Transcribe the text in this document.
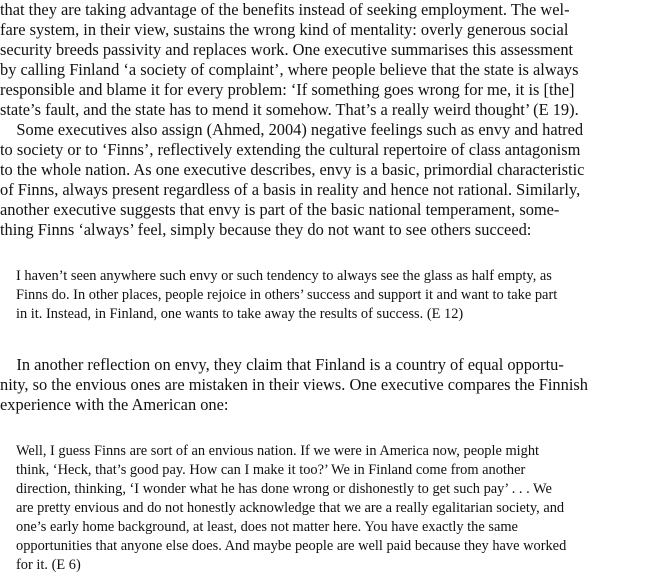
that they are taking advantage of the benefits instead of seeking employment. The wel-
fare system, in their view, sustains the wrong kind of mentality: overly generous social
security breeds passivity and replaces work. One executive summarises this assessment
by calling Finland ‘a society of complaint’, where people believe that the state is always
responsible and blame it for every problem: ‘If something goes wrong for me, it is [the]
state’s fault, and the state has to mend it somehow. That’s a really weird thought’ (E 19).
Some executives also assign (Ahmed, 2004) negative feelings such as envy and hatred
to society or to ‘Finns’, reflectively extending the cultural repertoire of class antagonism
to the whole nation. As one executive describes, envy is a basic, primordial characteristic
of Finns, always present regardless of a basis in reality and hence not rational. Similarly,
another executive suggests that envy is part of the basic national temperament, some-
thing Finns ‘always’ feel, simply because they do not want to see others succeed:
I haven’t seen anywhere such envy or such tendency to always see the glass as half empty, as
Finns do. In other places, people rejoice in others’ success and support it and want to take part
in it. Instead, in Finland, one wants to take away the results of success. (E 12)
In another reflection on envy, they claim that Finland is a country of equal opportu-
nity, so the envious ones are mistaken in their views. One executive compares the Finnish
experience with the American one:
Well, I guess Finns are sort of an envious nation. If we were in America now, people might
think, ‘Heck, that’s good pay. How can I make it too?’ We in Finland come from another
direction, thinking, ‘I wonder what he has done wrong or dishonestly to get such pay’ . . . We
are pretty envious and do not honestly acknowledge that we are a really egalitarian society, and
one’s early home background, at least, does not matter here. You have exactly the same
opportunities that anyone else does. And maybe people are well paid because they have worked
for it. (E 6)
